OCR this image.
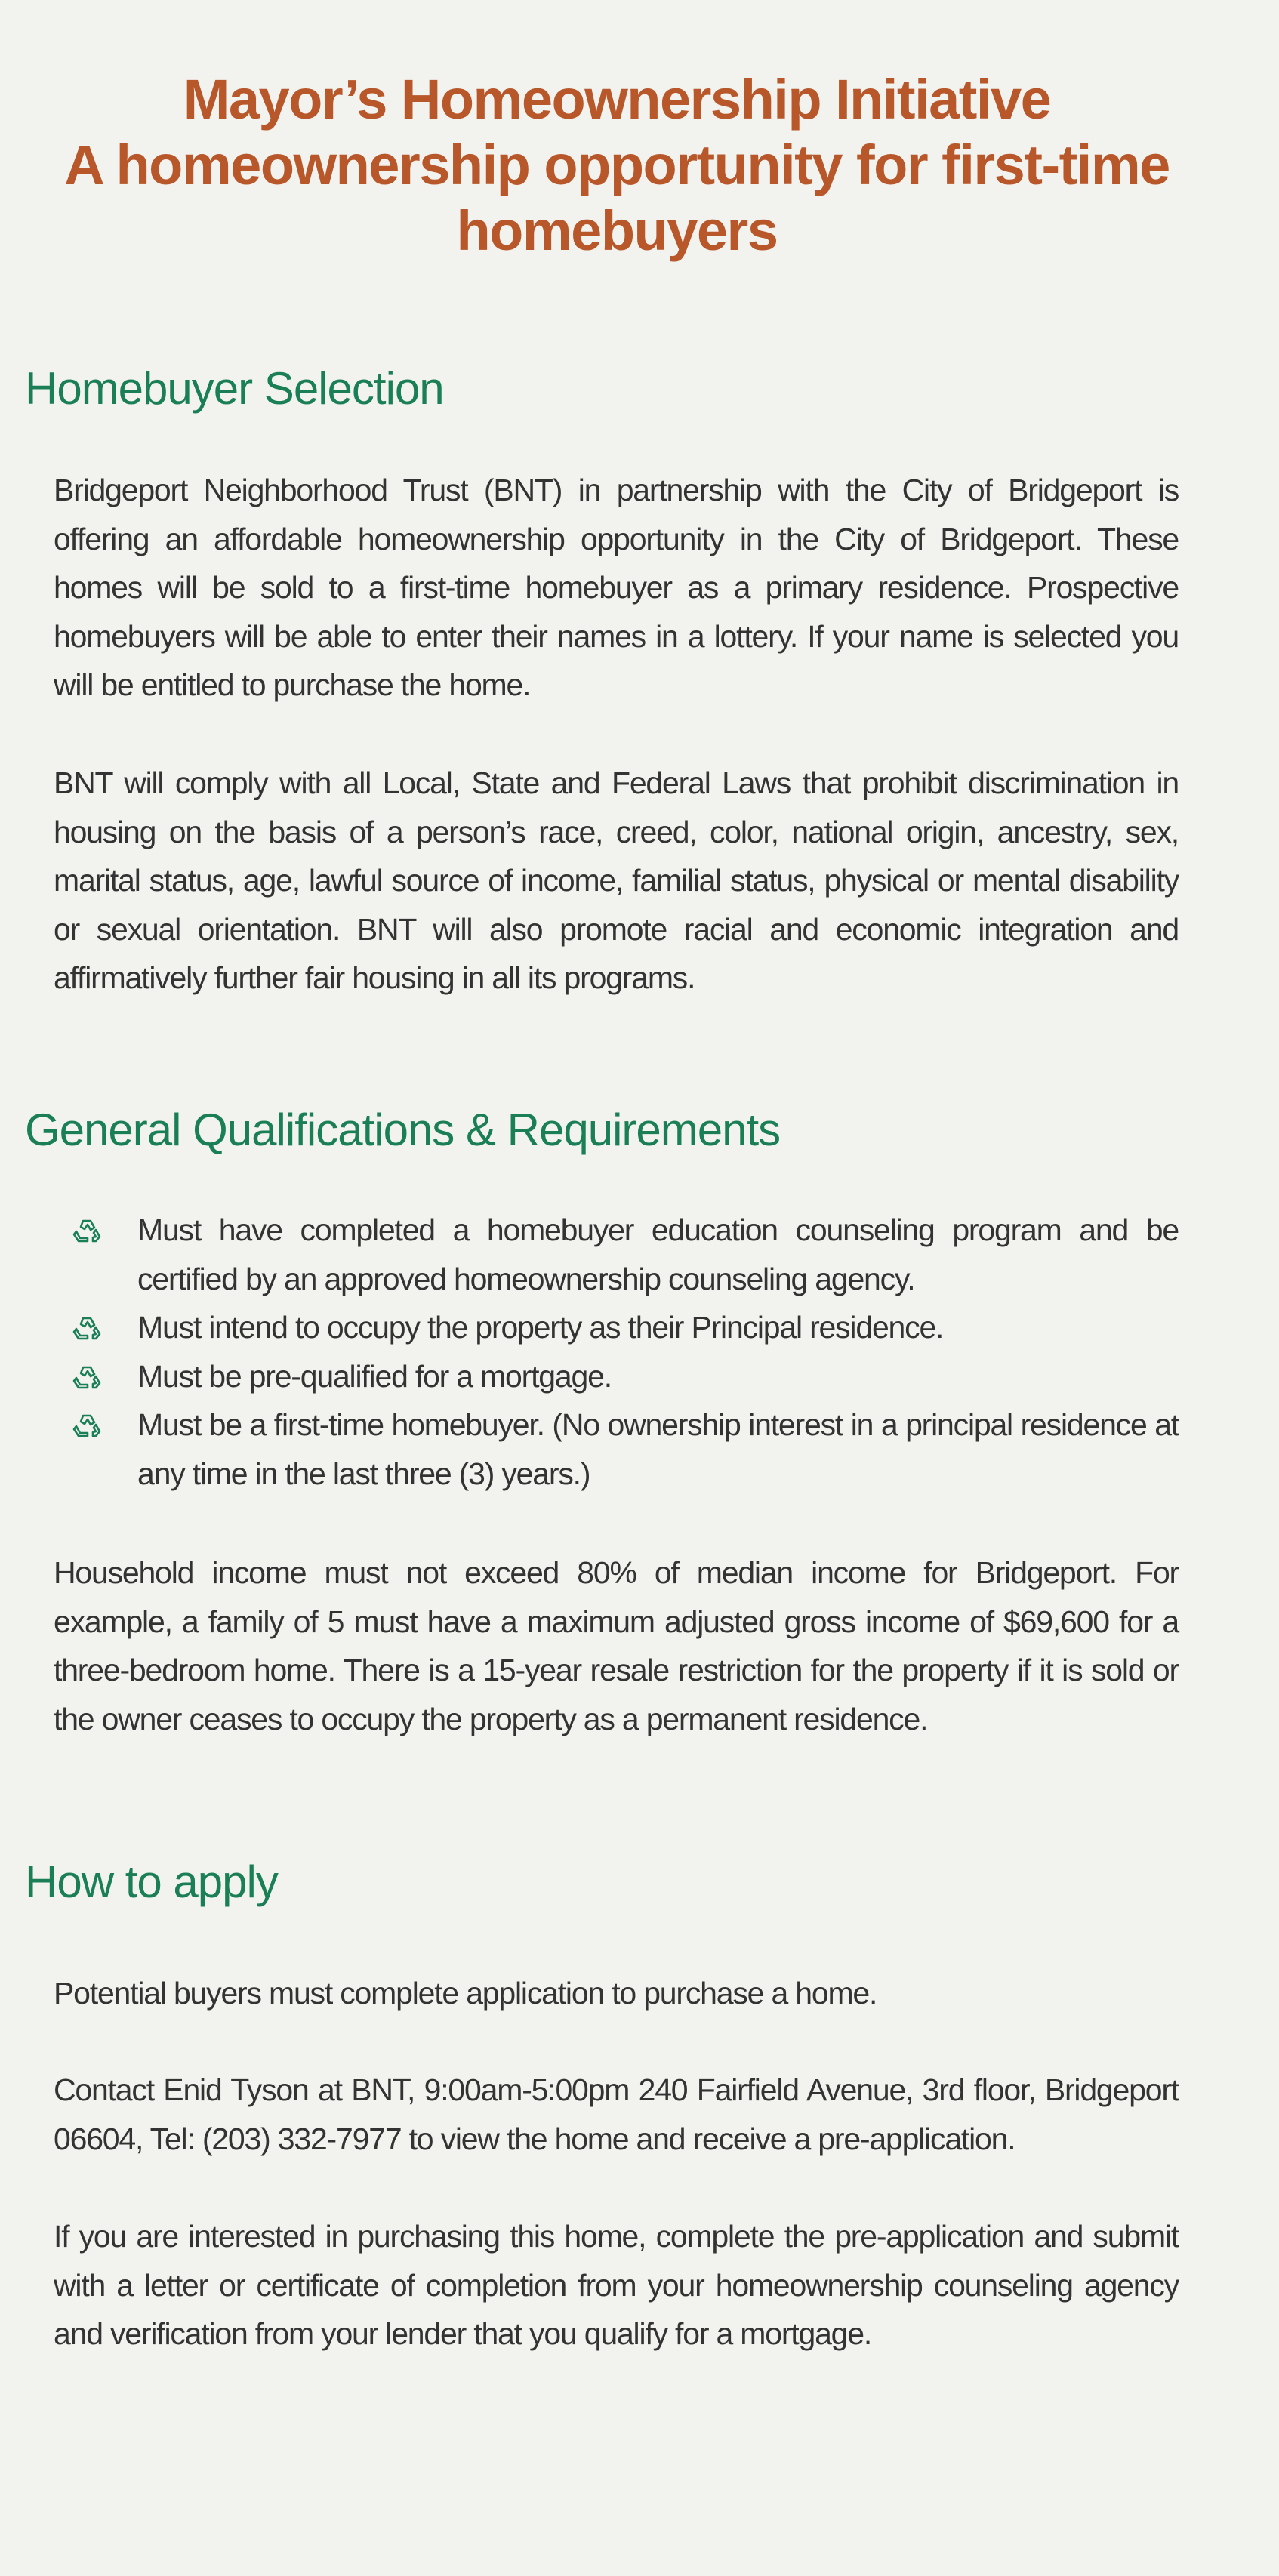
Mayor’s Homeownership Initiative
A homeownership opportunity for first-time
homebuyers
Homebuyer Selection

Bridgeport Neighborhood Trust (BNT) in partnership with the City of Bridgeport is offering an affordable homeownership opportunity in the City of Bridgeport. These homes will be sold to a first-time homebuyer as a primary residence. Prospective homebuyers will be able to enter their names in a lottery. If your name is selected you will be entitled to purchase the home.

BNT will comply with all Local, State and Federal Laws that prohibit discrimination in housing on the basis of a person’s race, creed, color, national origin, ancestry, sex, marital status, age, lawful source of income, familial status, physical or mental disability or sexual orientation. BNT will also promote racial and economic integration and affirmatively further fair housing in all its programs.

General Qualifications & Requirements
Must have completed a homebuyer education counseling program and be certified by an approved homeownership counseling agency.
Must intend to occupy the property as their Principal residence.
Must be pre-qualified for a mortgage.
Must be a first-time homebuyer. (No ownership interest in a principal residence at any time in the last three (3) years.)

Household income must not exceed 80% of median income for Bridgeport. For example, a family of 5 must have a maximum adjusted gross income of $69,600 for a three-bedroom home. There is a 15-year resale restriction for the property if it is sold or the owner ceases to occupy the property as a permanent residence.

How to apply

Potential buyers must complete application to purchase a home.

Contact Enid Tyson at BNT, 9:00am-5:00pm 240 Fairfield Avenue, 3rd floor, Bridgeport 06604, Tel: (203) 332-7977 to view the home and receive a pre-application.

If you are interested in purchasing this home, complete the pre-application and submit with a letter or certificate of completion from your homeownership counseling agency and verification from your lender that you qualify for a mortgage.
